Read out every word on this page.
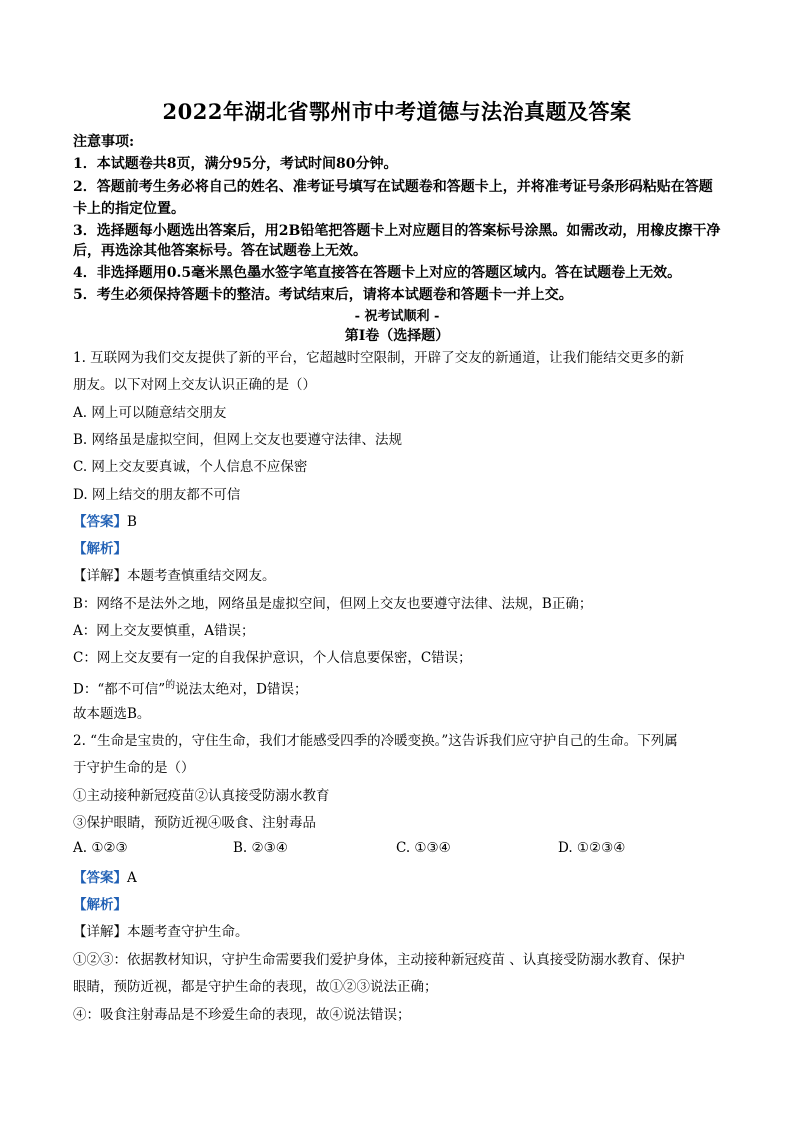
2022年湖北省鄂州市中考道德与法治真题及答案
注意事项:
1．本试题卷共8页，满分95分，考试时间80分钟。
2．答题前考生务必将自己的姓名、准考证号填写在试题卷和答题卡上，并将准考证号条形码粘贴在答题
卡上的指定位置。
3．选择题每小题选出答案后，用2B铅笔把答题卡上对应题目的答案标号涂黑。如需改动，用橡皮擦干净
后，再选涂其他答案标号。答在试题卷上无效。
4．非选择题用0.5毫米黑色墨水签字笔直接答在答题卡上对应的答题区域内。答在试题卷上无效。
5．考生必须保持答题卡的整洁。考试结束后，请将本试题卷和答题卡一并上交。
- 祝考试顺利 -
第Ⅰ卷（选择题）
1. 互联网为我们交友提供了新的平台，它超越时空限制，开辟了交友的新通道，让我们能结交更多的新
朋友。以下对网上交友认识正确的是（）
A. 网上可以随意结交朋友
B. 网络虽是虚拟空间，但网上交友也要遵守法律、法规
C. 网上交友要真诚，个人信息不应保密
D. 网上结交的朋友都不可信
【答案】B
【解析】
【详解】本题考查慎重结交网友。
B：网络不是法外之地，网络虽是虚拟空间，但网上交友也要遵守法律、法规，B正确；
A：网上交友要慎重，A错误；
C：网上交友要有一定的自我保护意识，个人信息要保密，C错误；
D：“都不可信”$^的$说法太绝对，D错误；
故本题选B。
2. “生命是宝贵的，守住生命，我们才能感受四季的冷暖变换。”这告诉我们应守护自己的生命。下列属
于守护生命的是（）
①主动接种新冠疫苗②认真接受防溺水教育
③保护眼睛，预防近视④吸食、注射毒品
A. ①②③	B. ②③④	C. ①③④	D. ①②③④
【答案】A
【解析】
【详解】本题考查守护生命。
①②③：依据教材知识，守护生命需要我们爱护身体，主动接种新冠疫苗 、认真接受防溺水教育、保护
眼睛，预防近视，都是守护生命的表现，故①②③说法正确；
④：吸食注射毒品是不珍爱生命的表现，故④说法错误；
